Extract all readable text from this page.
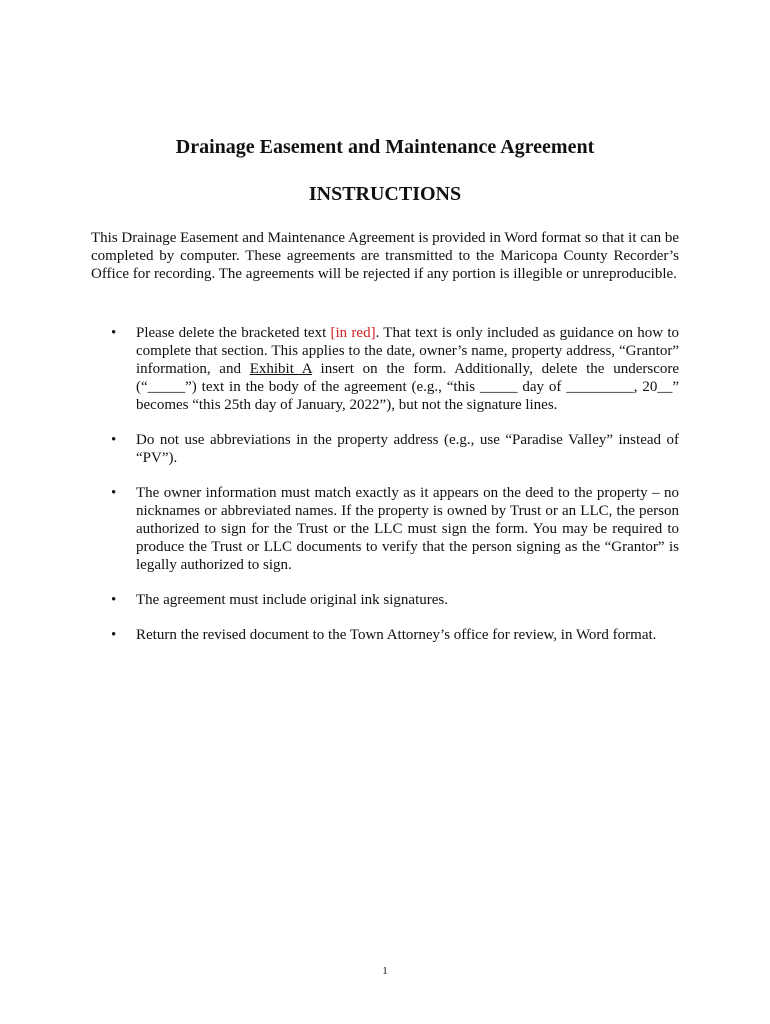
Drainage Easement and Maintenance Agreement
INSTRUCTIONS

This Drainage Easement and Maintenance Agreement is provided in Word format so that it can be completed by computer. These agreements are transmitted to the Maricopa County Recorder’s Office for recording. The agreements will be rejected if any portion is illegible or unreproducible.

•	Please delete the bracketed text [in red]. That text is only included as guidance on how to complete that section. This applies to the date, owner’s name, property address, “Grantor” information, and Exhibit A insert on the form. Additionally, delete the underscore (“_____”) text in the body of the agreement (e.g., “this _____ day of _________, 20__” becomes “this 25th day of January, 2022”), but not the signature lines.
•	Do not use abbreviations in the property address (e.g., use “Paradise Valley” instead of “PV”).
•	The owner information must match exactly as it appears on the deed to the property – no nicknames or abbreviated names. If the property is owned by Trust or an LLC, the person authorized to sign for the Trust or the LLC must sign the form. You may be required to produce the Trust or LLC documents to verify that the person signing as the “Grantor” is legally authorized to sign.
•	The agreement must include original ink signatures.
•	Return the revised document to the Town Attorney’s office for review, in Word format.
1
